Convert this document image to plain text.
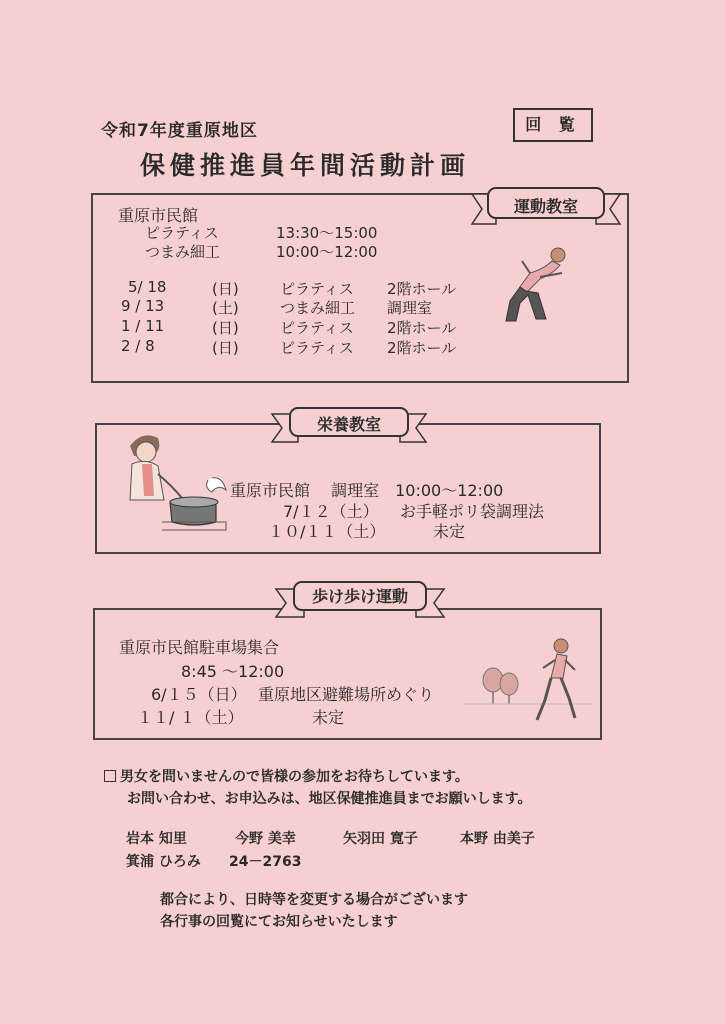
令和7年度重原地区
保健推進員年間活動計画
回 覧
運動教室
重原市民館
ピラティス	13:30～15:00
つまみ細工	10:00～12:00
5/ 18	(日)	ピラティス 2階ホール
9 / 13	(土)	つまみ細工 調理室
1 / 11	(日)	ピラティス 2階ホール
2 / 8	(日)	ピラティス 2階ホール
栄養教室
重原市民館　 調理室　10:00～12:00
7/１２（土） お手軽ポリ袋調理法
１０/１１（土）	未定
歩け歩け運動
重原市民館駐車場集合
8:45 ～12:00
6/１５（日） 重原地区避難場所めぐり
１１/ １（土）	未定
男女を問いませんので皆様の参加をお待ちしています。
お問い合わせ、お申込みは、地区保健推進員までお願いします。
岩本 知里	今野 美幸	矢羽田 寛子	本野 由美子
箕浦 ひろみ 24－2763
都合により、日時等を変更する場合がございます
各行事の回覧にてお知らせいたします
